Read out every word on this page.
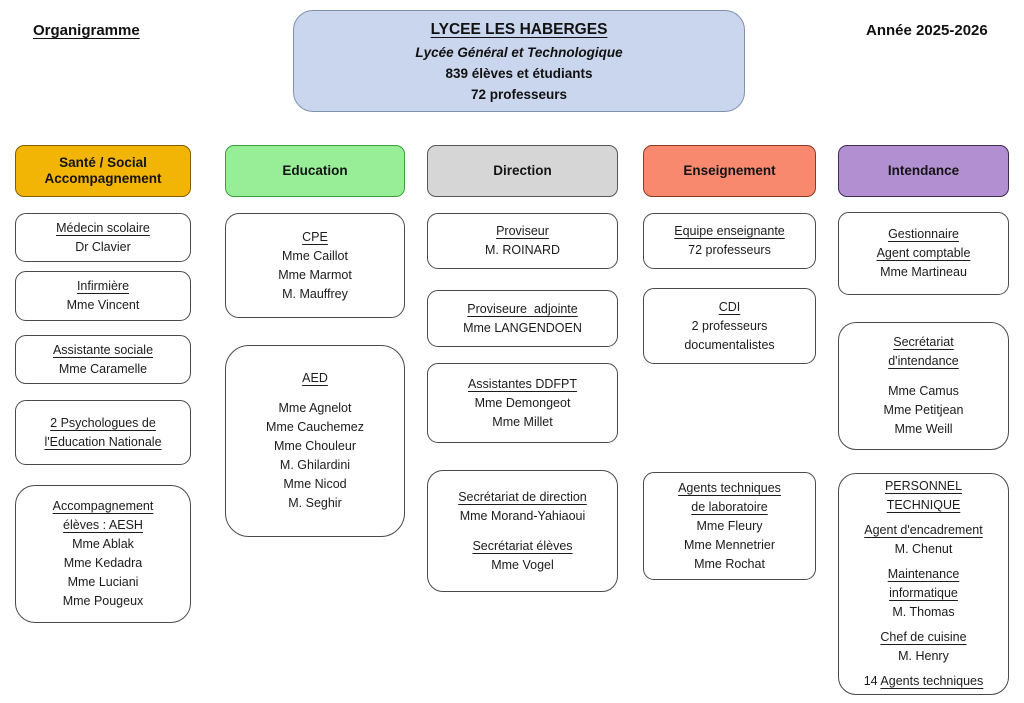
Organigramme	Année 2025-2026
LYCEE LES HABERGES
Lycée Général et Technologique
839 élèves et étudiants
72 professeurs
Santé / Social
Accompagnement
Médecin scolaire
Dr Clavier
Infirmière
Mme Vincent
Assistante sociale
Mme Caramelle
2 Psychologues de
l'Education Nationale
Accompagnement
élèves : AESH
Mme Ablak
Mme Kedadra
Mme Luciani
Mme Pougeux
Education
CPE
Mme Caillot
Mme Marmot
M. Mauffrey
AED
Mme Agnelot
Mme Cauchemez
Mme Chouleur
M. Ghilardini
Mme Nicod
M. Seghir
Direction
Proviseur
M. ROINARD
Proviseure  adjointe
Mme LANGENDOEN
Assistantes DDFPT
Mme Demongeot
Mme Millet
Secrétariat de direction
Mme Morand-Yahiaoui
Secrétariat élèves
Mme Vogel
Enseignement
Equipe enseignante
72 professeurs
CDI
2 professeurs
documentalistes
Agents techniques
de laboratoire
Mme Fleury
Mme Mennetrier
Mme Rochat
Intendance
Gestionnaire
Agent comptable
Mme Martineau
Secrétariat
d'intendance
Mme Camus
Mme Petitjean
Mme Weill
PERSONNEL
TECHNIQUE
Agent d'encadrement
M. Chenut
Maintenance
informatique
M. Thomas
Chef de cuisine
M. Henry
14 Agents techniques
